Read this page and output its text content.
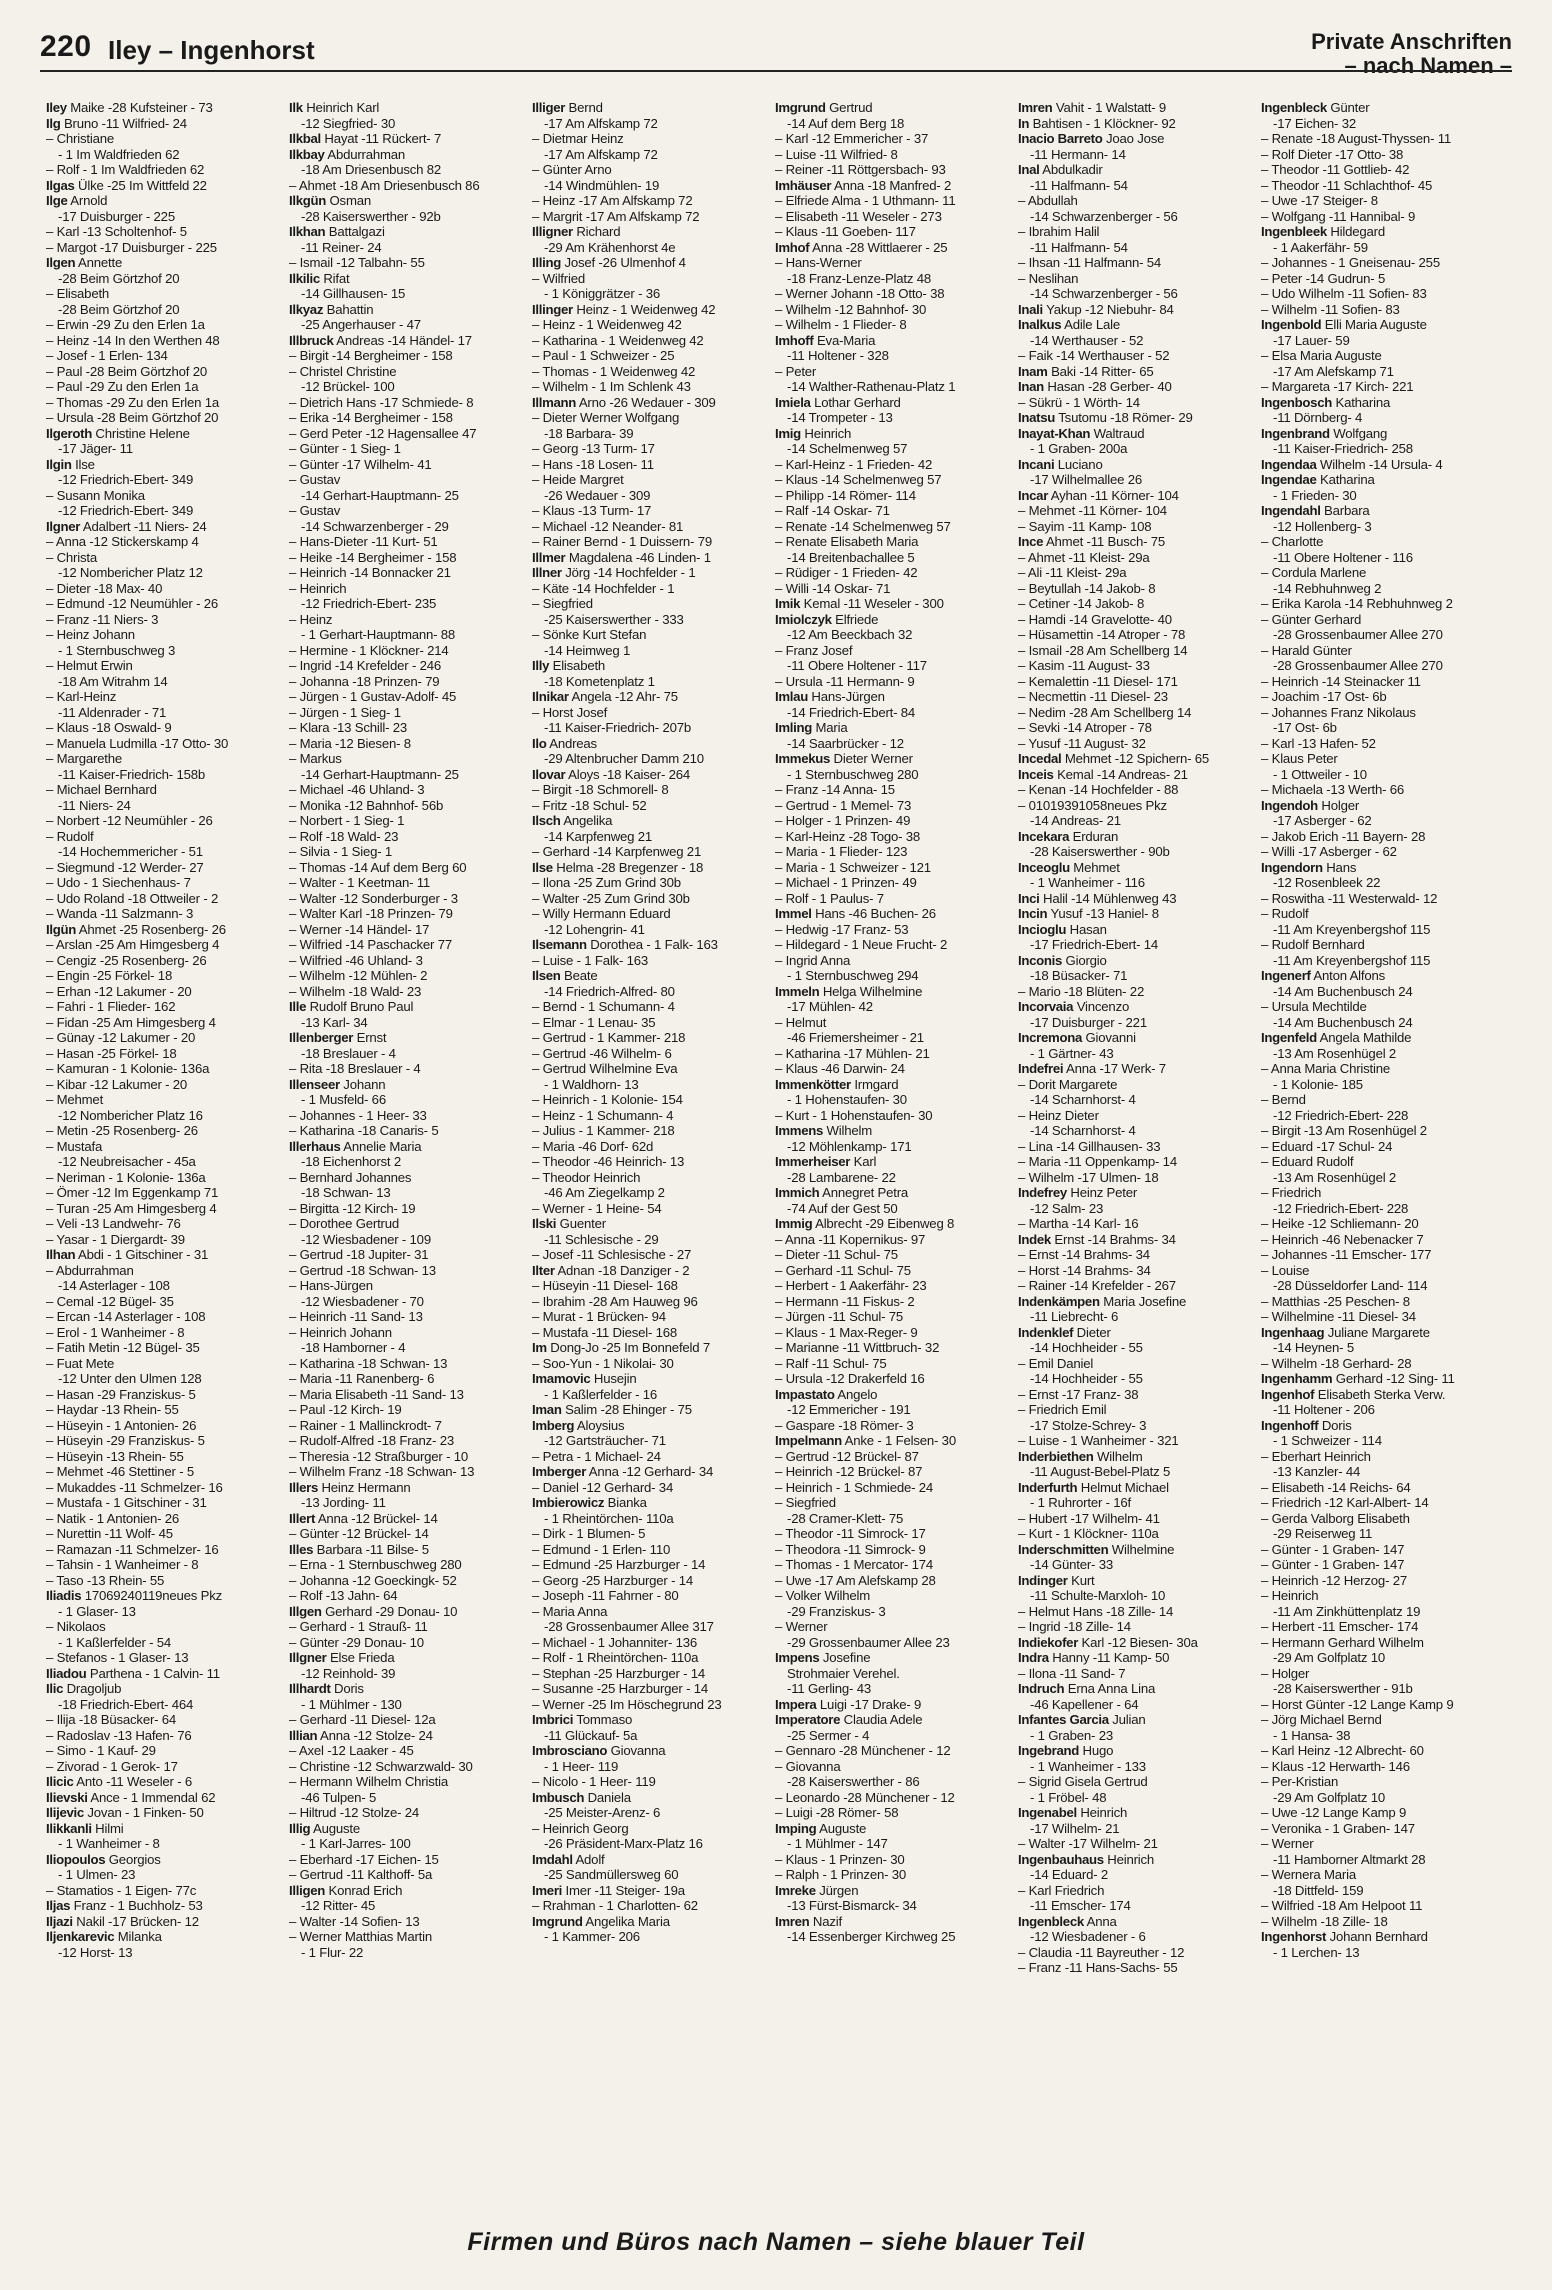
220 Iley – Ingenhorst	Private Anschriften
– nach Namen –
Iley Maike -28 Kufsteiner - 73
Ilg Bruno -11 Wilfried- 24
– Christiane
- 1 Im Waldfrieden 62
– Rolf - 1 Im Waldfrieden 62
Ilgas Ülke -25 Im Wittfeld 22
Ilge Arnold
-17 Duisburger - 225
– Karl -13 Scholtenhof- 5
– Margot -17 Duisburger - 225
Ilgen Annette
-28 Beim Görtzhof 20
– Elisabeth
-28 Beim Görtzhof 20
– Erwin -29 Zu den Erlen 1a
– Heinz -14 In den Werthen 48
– Josef - 1 Erlen- 134
– Paul -28 Beim Görtzhof 20
– Paul -29 Zu den Erlen 1a
– Thomas -29 Zu den Erlen 1a
– Ursula -28 Beim Görtzhof 20
Ilgeroth Christine Helene
-17 Jäger- 11
Ilgin Ilse
-12 Friedrich-Ebert- 349
– Susann Monika
-12 Friedrich-Ebert- 349
Ilgner Adalbert -11 Niers- 24
– Anna -12 Stickerskamp 4
– Christa
-12 Nombericher Platz 12
– Dieter -18 Max- 40
– Edmund -12 Neumühler - 26
– Franz -11 Niers- 3
– Heinz Johann
- 1 Sternbuschweg 3
– Helmut Erwin
-18 Am Witrahm 14
– Karl-Heinz
-11 Aldenrader - 71
– Klaus -18 Oswald- 9
– Manuela Ludmilla -17 Otto- 30
– Margarethe
-11 Kaiser-Friedrich- 158b
– Michael Bernhard
-11 Niers- 24
– Norbert -12 Neumühler - 26
– Rudolf
-14 Hochemmericher - 51
– Siegmund -12 Werder- 27
– Udo - 1 Siechenhaus- 7
– Udo Roland -18 Ottweiler - 2
– Wanda -11 Salzmann- 3
Ilgün Ahmet -25 Rosenberg- 26
– Arslan -25 Am Himgesberg 4
– Cengiz -25 Rosenberg- 26
– Engin -25 Förkel- 18
– Erhan -12 Lakumer - 20
– Fahri - 1 Flieder- 162
– Fidan -25 Am Himgesberg 4
– Günay -12 Lakumer - 20
– Hasan -25 Förkel- 18
– Kamuran - 1 Kolonie- 136a
– Kibar -12 Lakumer - 20
– Mehmet
-12 Nombericher Platz 16
– Metin -25 Rosenberg- 26
– Mustafa
-12 Neubreisacher - 45a
– Neriman - 1 Kolonie- 136a
– Ömer -12 Im Eggenkamp 71
– Turan -25 Am Himgesberg 4
– Veli -13 Landwehr- 76
– Yasar - 1 Diergardt- 39
Ilhan Abdi - 1 Gitschiner - 31
– Abdurrahman
-14 Asterlager - 108
– Cemal -12 Bügel- 35
– Ercan -14 Asterlager - 108
– Erol - 1 Wanheimer - 8
– Fatih Metin -12 Bügel- 35
– Fuat Mete
-12 Unter den Ulmen 128
– Hasan -29 Franziskus- 5
– Haydar -13 Rhein- 55
– Hüseyin - 1 Antonien- 26
– Hüseyin -29 Franziskus- 5
– Hüseyin -13 Rhein- 55
– Mehmet -46 Stettiner - 5
– Mukaddes -11 Schmelzer- 16
– Mustafa - 1 Gitschiner - 31
– Natik - 1 Antonien- 26
– Nurettin -11 Wolf- 45
– Ramazan -11 Schmelzer- 16
– Tahsin - 1 Wanheimer - 8
– Taso -13 Rhein- 55
Iliadis 17069240119neues Pkz
- 1 Glaser- 13
– Nikolaos
- 1 Kaßlerfelder - 54
– Stefanos - 1 Glaser- 13
Iliadou Parthena - 1 Calvin- 11
Ilic Dragoljub
-18 Friedrich-Ebert- 464
– Ilija -18 Büsacker- 64
– Radoslav -13 Hafen- 76
– Simo - 1 Kauf- 29
– Zivorad - 1 Gerok- 17
Ilicic Anto -11 Weseler - 6
Ilievski Ance - 1 Immendal 62
Ilijevic Jovan - 1 Finken- 50
Ilikkanli Hilmi
- 1 Wanheimer - 8
Iliopoulos Georgios
- 1 Ulmen- 23
– Stamatios - 1 Eigen- 77c
Iljas Franz - 1 Buchholz- 53
Iljazi Nakil -17 Brücken- 12
Iljenkarevic Milanka
-12 Horst- 13
Ilk Heinrich Karl
-12 Siegfried- 30
Ilkbal Hayat -11 Rückert- 7
Ilkbay Abdurrahman
-18 Am Driesenbusch 82
– Ahmet -18 Am Driesenbusch 86
Ilkgün Osman
-28 Kaiserswerther - 92b
Ilkhan Battalgazi
-11 Reiner- 24
– Ismail -12 Talbahn- 55
Ilkilic Rifat
-14 Gillhausen- 15
Ilkyaz Bahattin
-25 Angerhauser - 47
Illbruck Andreas -14 Händel- 17
– Birgit -14 Bergheimer - 158
– Christel Christine
-12 Brückel- 100
– Dietrich Hans -17 Schmiede- 8
– Erika -14 Bergheimer - 158
– Gerd Peter -12 Hagensallee 47
– Günter - 1 Sieg- 1
– Günter -17 Wilhelm- 41
– Gustav
-14 Gerhart-Hauptmann- 25
– Gustav
-14 Schwarzenberger - 29
– Hans-Dieter -11 Kurt- 51
– Heike -14 Bergheimer - 158
– Heinrich -14 Bonnacker 21
– Heinrich
-12 Friedrich-Ebert- 235
– Heinz
- 1 Gerhart-Hauptmann- 88
– Hermine - 1 Klöckner- 214
– Ingrid -14 Krefelder - 246
– Johanna -18 Prinzen- 79
– Jürgen - 1 Gustav-Adolf- 45
– Jürgen - 1 Sieg- 1
– Klara -13 Schill- 23
– Maria -12 Biesen- 8
– Markus
-14 Gerhart-Hauptmann- 25
– Michael -46 Uhland- 3
– Monika -12 Bahnhof- 56b
– Norbert - 1 Sieg- 1
– Rolf -18 Wald- 23
– Silvia - 1 Sieg- 1
– Thomas -14 Auf dem Berg 60
– Walter - 1 Keetman- 11
– Walter -12 Sonderburger - 3
– Walter Karl -18 Prinzen- 79
– Werner -14 Händel- 17
– Wilfried -14 Paschacker 77
– Wilfried -46 Uhland- 3
– Wilhelm -12 Mühlen- 2
– Wilhelm -18 Wald- 23
Ille Rudolf Bruno Paul
-13 Karl- 34
Illenberger Ernst
-18 Breslauer - 4
– Rita -18 Breslauer - 4
Illenseer Johann
- 1 Musfeld- 66
– Johannes - 1 Heer- 33
– Katharina -18 Canaris- 5
Illerhaus Annelie Maria
-18 Eichenhorst 2
– Bernhard Johannes
-18 Schwan- 13
– Birgitta -12 Kirch- 19
– Dorothee Gertrud
-12 Wiesbadener - 109
– Gertrud -18 Jupiter- 31
– Gertrud -18 Schwan- 13
– Hans-Jürgen
-12 Wiesbadener - 70
– Heinrich -11 Sand- 13
– Heinrich Johann
-18 Hamborner - 4
– Katharina -18 Schwan- 13
– Maria -11 Ranenberg- 6
– Maria Elisabeth -11 Sand- 13
– Paul -12 Kirch- 19
– Rainer - 1 Mallinckrodt- 7
– Rudolf-Alfred -18 Franz- 23
– Theresia -12 Straßburger - 10
– Wilhelm Franz -18 Schwan- 13
Illers Heinz Hermann
-13 Jording- 11
Illert Anna -12 Brückel- 14
– Günter -12 Brückel- 14
Illes Barbara -11 Bilse- 5
– Erna - 1 Sternbuschweg 280
– Johanna -12 Goeckingk- 52
– Rolf -13 Jahn- 64
Illgen Gerhard -29 Donau- 10
– Gerhard - 1 Strauß- 11
– Günter -29 Donau- 10
Illgner Else Frieda
-12 Reinhold- 39
Illhardt Doris
- 1 Mühlmer - 130
– Gerhard -11 Diesel- 12a
Illian Anna -12 Stolze- 24
– Axel -12 Laaker - 45
– Christine -12 Schwarzwald- 30
– Hermann Wilhelm Christia
-46 Tulpen- 5
– Hiltrud -12 Stolze- 24
Illig Auguste
- 1 Karl-Jarres- 100
– Eberhard -17 Eichen- 15
– Gertrud -11 Kalthoff- 5a
Illigen Konrad Erich
-12 Ritter- 45
– Walter -14 Sofien- 13
– Werner Matthias Martin
- 1 Flur- 22
Illiger Bernd
-17 Am Alfskamp 72
– Dietmar Heinz
-17 Am Alfskamp 72
– Günter Arno
-14 Windmühlen- 19
– Heinz -17 Am Alfskamp 72
– Margrit -17 Am Alfskamp 72
Illigner Richard
-29 Am Krähenhorst 4e
Illing Josef -26 Ulmenhof 4
– Wilfried
- 1 Königgrätzer - 36
Illinger Heinz - 1 Weidenweg 42
– Heinz - 1 Weidenweg 42
– Katharina - 1 Weidenweg 42
– Paul - 1 Schweizer - 25
– Thomas - 1 Weidenweg 42
– Wilhelm - 1 Im Schlenk 43
Illmann Arno -26 Wedauer - 309
– Dieter Werner Wolfgang
-18 Barbara- 39
– Georg -13 Turm- 17
– Hans -18 Losen- 11
– Heide Margret
-26 Wedauer - 309
– Klaus -13 Turm- 17
– Michael -12 Neander- 81
– Rainer Bernd - 1 Duissern- 79
Illmer Magdalena -46 Linden- 1
Illner Jörg -14 Hochfelder - 1
– Käte -14 Hochfelder - 1
– Siegfried
-25 Kaiserswerther - 333
– Sönke Kurt Stefan
-14 Heimweg 1
Illy Elisabeth
-18 Kometenplatz 1
Ilnikar Angela -12 Ahr- 75
– Horst Josef
-11 Kaiser-Friedrich- 207b
Ilo Andreas
-29 Altenbrucher Damm 210
Ilovar Aloys -18 Kaiser- 264
– Birgit -18 Schmorell- 8
– Fritz -18 Schul- 52
Ilsch Angelika
-14 Karpfenweg 21
– Gerhard -14 Karpfenweg 21
Ilse Helma -28 Bregenzer - 18
– Ilona -25 Zum Grind 30b
– Walter -25 Zum Grind 30b
– Willy Hermann Eduard
-12 Lohengrin- 41
Ilsemann Dorothea - 1 Falk- 163
– Luise - 1 Falk- 163
Ilsen Beate
-14 Friedrich-Alfred- 80
– Bernd - 1 Schumann- 4
– Elmar - 1 Lenau- 35
– Gertrud - 1 Kammer- 218
– Gertrud -46 Wilhelm- 6
– Gertrud Wilhelmine Eva
- 1 Waldhorn- 13
– Heinrich - 1 Kolonie- 154
– Heinz - 1 Schumann- 4
– Julius - 1 Kammer- 218
– Maria -46 Dorf- 62d
– Theodor -46 Heinrich- 13
– Theodor Heinrich
-46 Am Ziegelkamp 2
– Werner - 1 Heine- 54
Ilski Guenter
-11 Schlesische - 29
– Josef -11 Schlesische - 27
Ilter Adnan -18 Danziger - 2
– Hüseyin -11 Diesel- 168
– Ibrahim -28 Am Hauweg 96
– Murat - 1 Brücken- 94
– Mustafa -11 Diesel- 168
Im Dong-Jo -25 Im Bonnefeld 7
– Soo-Yun - 1 Nikolai- 30
Imamovic Husejin
- 1 Kaßlerfelder - 16
Iman Salim -28 Ehinger - 75
Imberg Aloysius
-12 Gartsträucher- 71
– Petra - 1 Michael- 24
Imberger Anna -12 Gerhard- 34
– Daniel -12 Gerhard- 34
Imbierowicz Bianka
- 1 Rheintörchen- 110a
– Dirk - 1 Blumen- 5
– Edmund - 1 Erlen- 110
– Edmund -25 Harzburger - 14
– Georg -25 Harzburger - 14
– Joseph -11 Fahrner - 80
– Maria Anna
-28 Grossenbaumer Allee 317
– Michael - 1 Johanniter- 136
– Rolf - 1 Rheintörchen- 110a
– Stephan -25 Harzburger - 14
– Susanne -25 Harzburger - 14
– Werner -25 Im Höschegrund 23
Imbrici Tommaso
-11 Glückauf- 5a
Imbrosciano Giovanna
- 1 Heer- 119
– Nicolo - 1 Heer- 119
Imbusch Daniela
-25 Meister-Arenz- 6
– Heinrich Georg
-26 Präsident-Marx-Platz 16
Imdahl Adolf
-25 Sandmüllersweg 60
Imeri Imer -11 Steiger- 19a
– Rrahman - 1 Charlotten- 62
Imgrund Angelika Maria
- 1 Kammer- 206
Imgrund Gertrud
-14 Auf dem Berg 18
– Karl -12 Emmericher - 37
– Luise -11 Wilfried- 8
– Reiner -11 Röttgersbach- 93
Imhäuser Anna -18 Manfred- 2
– Elfriede Alma - 1 Uthmann- 11
– Elisabeth -11 Weseler - 273
– Klaus -11 Goeben- 117
Imhof Anna -28 Wittlaerer - 25
– Hans-Werner
-18 Franz-Lenze-Platz 48
– Werner Johann -18 Otto- 38
– Wilhelm -12 Bahnhof- 30
– Wilhelm - 1 Flieder- 8
Imhoff Eva-Maria
-11 Holtener - 328
– Peter
-14 Walther-Rathenau-Platz 1
Imiela Lothar Gerhard
-14 Trompeter - 13
Imig Heinrich
-14 Schelmenweg 57
– Karl-Heinz - 1 Frieden- 42
– Klaus -14 Schelmenweg 57
– Philipp -14 Römer- 114
– Ralf -14 Oskar- 71
– Renate -14 Schelmenweg 57
– Renate Elisabeth Maria
-14 Breitenbachallee 5
– Rüdiger - 1 Frieden- 42
– Willi -14 Oskar- 71
Imik Kemal -11 Weseler - 300
Imiolczyk Elfriede
-12 Am Beeckbach 32
– Franz Josef
-11 Obere Holtener - 117
– Ursula -11 Hermann- 9
Imlau Hans-Jürgen
-14 Friedrich-Ebert- 84
Imling Maria
-14 Saarbrücker - 12
Immekus Dieter Werner
- 1 Sternbuschweg 280
– Franz -14 Anna- 15
– Gertrud - 1 Memel- 73
– Holger - 1 Prinzen- 49
– Karl-Heinz -28 Togo- 38
– Maria - 1 Flieder- 123
– Maria - 1 Schweizer - 121
– Michael - 1 Prinzen- 49
– Rolf - 1 Paulus- 7
Immel Hans -46 Buchen- 26
– Hedwig -17 Franz- 53
– Hildegard - 1 Neue Frucht- 2
– Ingrid Anna
- 1 Sternbuschweg 294
Immeln Helga Wilhelmine
-17 Mühlen- 42
– Helmut
-46 Friemersheimer - 21
– Katharina -17 Mühlen- 21
– Klaus -46 Darwin- 24
Immenkötter Irmgard
- 1 Hohenstaufen- 30
– Kurt - 1 Hohenstaufen- 30
Immens Wilhelm
-12 Möhlenkamp- 171
Immerheiser Karl
-28 Lambarene- 22
Immich Annegret Petra
-74 Auf der Gest 50
Immig Albrecht -29 Eibenweg 8
– Anna -11 Kopernikus- 97
– Dieter -11 Schul- 75
– Gerhard -11 Schul- 75
– Herbert - 1 Aakerfähr- 23
– Hermann -11 Fiskus- 2
– Jürgen -11 Schul- 75
– Klaus - 1 Max-Reger- 9
– Marianne -11 Wittbruch- 32
– Ralf -11 Schul- 75
– Ursula -12 Drakerfeld 16
Impastato Angelo
-12 Emmericher - 191
– Gaspare -18 Römer- 3
Impelmann Anke - 1 Felsen- 30
– Gertrud -12 Brückel- 87
– Heinrich -12 Brückel- 87
– Heinrich - 1 Schmiede- 24
– Siegfried
-28 Cramer-Klett- 75
– Theodor -11 Simrock- 17
– Theodora -11 Simrock- 9
– Thomas - 1 Mercator- 174
– Uwe -17 Am Alefskamp 28
– Volker Wilhelm
-29 Franziskus- 3
– Werner
-29 Grossenbaumer Allee 23
Impens Josefine
Strohmaier Verehel.
-11 Gerling- 43
Impera Luigi -17 Drake- 9
Imperatore Claudia Adele
-25 Sermer - 4
– Gennaro -28 Münchener - 12
– Giovanna
-28 Kaiserswerther - 86
– Leonardo -28 Münchener - 12
– Luigi -28 Römer- 58
Imping Auguste
- 1 Mühlmer - 147
– Klaus - 1 Prinzen- 30
– Ralph - 1 Prinzen- 30
Imreke Jürgen
-13 Fürst-Bismarck- 34
Imren Nazif
-14 Essenberger Kirchweg 25
Imren Vahit - 1 Walstatt- 9
In Bahtisen - 1 Klöckner- 92
Inacio Barreto Joao Jose
-11 Hermann- 14
Inal Abdulkadir
-11 Halfmann- 54
– Abdullah
-14 Schwarzenberger - 56
– Ibrahim Halil
-11 Halfmann- 54
– Ihsan -11 Halfmann- 54
– Neslihan
-14 Schwarzenberger - 56
Inali Yakup -12 Niebuhr- 84
Inalkus Adile Lale
-14 Werthauser - 52
– Faik -14 Werthauser - 52
Inam Baki -14 Ritter- 65
Inan Hasan -28 Gerber- 40
– Sükrü - 1 Wörth- 14
Inatsu Tsutomu -18 Römer- 29
Inayat-Khan Waltraud
- 1 Graben- 200a
Incani Luciano
-17 Wilhelmallee 26
Incar Ayhan -11 Körner- 104
– Mehmet -11 Körner- 104
– Sayim -11 Kamp- 108
Ince Ahmet -11 Busch- 75
– Ahmet -11 Kleist- 29a
– Ali -11 Kleist- 29a
– Beytullah -14 Jakob- 8
– Cetiner -14 Jakob- 8
– Hamdi -14 Gravelotte- 40
– Hüsamettin -14 Atroper - 78
– Ismail -28 Am Schellberg 14
– Kasim -11 August- 33
– Kemalettin -11 Diesel- 171
– Necmettin -11 Diesel- 23
– Nedim -28 Am Schellberg 14
– Sevki -14 Atroper - 78
– Yusuf -11 August- 32
Incedal Mehmet -12 Spichern- 65
Inceis Kemal -14 Andreas- 21
– Kenan -14 Hochfelder - 88
– 01019391058neues Pkz
-14 Andreas- 21
Incekara Erduran
-28 Kaiserswerther - 90b
Inceoglu Mehmet
- 1 Wanheimer - 116
Inci Halil -14 Mühlenweg 43
Incin Yusuf -13 Haniel- 8
Incioglu Hasan
-17 Friedrich-Ebert- 14
Inconis Giorgio
-18 Büsacker- 71
– Mario -18 Blüten- 22
Incorvaia Vincenzo
-17 Duisburger - 221
Incremona Giovanni
- 1 Gärtner- 43
Indefrei Anna -17 Werk- 7
– Dorit Margarete
-14 Scharnhorst- 4
– Heinz Dieter
-14 Scharnhorst- 4
– Lina -14 Gillhausen- 33
– Maria -11 Oppenkamp- 14
– Wilhelm -17 Ulmen- 18
Indefrey Heinz Peter
-12 Salm- 23
– Martha -14 Karl- 16
Indek Ernst -14 Brahms- 34
– Ernst -14 Brahms- 34
– Horst -14 Brahms- 34
– Rainer -14 Krefelder - 267
Indenkämpen Maria Josefine
-11 Liebrecht- 6
Indenklef Dieter
-14 Hochheider - 55
– Emil Daniel
-14 Hochheider - 55
– Ernst -17 Franz- 38
– Friedrich Emil
-17 Stolze-Schrey- 3
– Luise - 1 Wanheimer - 321
Inderbiethen Wilhelm
-11 August-Bebel-Platz 5
Inderfurth Helmut Michael
- 1 Ruhrorter - 16f
– Hubert -17 Wilhelm- 41
– Kurt - 1 Klöckner- 110a
Inderschmitten Wilhelmine
-14 Günter- 33
Indinger Kurt
-11 Schulte-Marxloh- 10
– Helmut Hans -18 Zille- 14
– Ingrid -18 Zille- 14
Indiekofer Karl -12 Biesen- 30a
Indra Hanny -11 Kamp- 50
– Ilona -11 Sand- 7
Indruch Erna Anna Lina
-46 Kapellener - 64
Infantes Garcia Julian
- 1 Graben- 23
Ingebrand Hugo
- 1 Wanheimer - 133
– Sigrid Gisela Gertrud
- 1 Fröbel- 48
Ingenabel Heinrich
-17 Wilhelm- 21
– Walter -17 Wilhelm- 21
Ingenbauhaus Heinrich
-14 Eduard- 2
– Karl Friedrich
-11 Emscher- 174
Ingenbleck Anna
-12 Wiesbadener - 6
– Claudia -11 Bayreuther - 12
– Franz -11 Hans-Sachs- 55
Ingenbleck Günter
-17 Eichen- 32
– Renate -18 August-Thyssen- 11
– Rolf Dieter -17 Otto- 38
– Theodor -11 Gottlieb- 42
– Theodor -11 Schlachthof- 45
– Uwe -17 Steiger- 8
– Wolfgang -11 Hannibal- 9
Ingenbleek Hildegard
- 1 Aakerfähr- 59
– Johannes - 1 Gneisenau- 255
– Peter -14 Gudrun- 5
– Udo Wilhelm -11 Sofien- 83
– Wilhelm -11 Sofien- 83
Ingenbold Elli Maria Auguste
-17 Lauer- 59
– Elsa Maria Auguste
-17 Am Alefskamp 71
– Margareta -17 Kirch- 221
Ingenbosch Katharina
-11 Dörnberg- 4
Ingenbrand Wolfgang
-11 Kaiser-Friedrich- 258
Ingendaa Wilhelm -14 Ursula- 4
Ingendae Katharina
- 1 Frieden- 30
Ingendahl Barbara
-12 Hollenberg- 3
– Charlotte
-11 Obere Holtener - 116
– Cordula Marlene
-14 Rebhuhnweg 2
– Erika Karola -14 Rebhuhnweg 2
– Günter Gerhard
-28 Grossenbaumer Allee 270
– Harald Günter
-28 Grossenbaumer Allee 270
– Heinrich -14 Steinacker 11
– Joachim -17 Ost- 6b
– Johannes Franz Nikolaus
-17 Ost- 6b
– Karl -13 Hafen- 52
– Klaus Peter
- 1 Ottweiler - 10
– Michaela -13 Werth- 66
Ingendoh Holger
-17 Asberger - 62
– Jakob Erich -11 Bayern- 28
– Willi -17 Asberger - 62
Ingendorn Hans
-12 Rosenbleek 22
– Roswitha -11 Westerwald- 12
– Rudolf
-11 Am Kreyenbergshof 115
– Rudolf Bernhard
-11 Am Kreyenbergshof 115
Ingenerf Anton Alfons
-14 Am Buchenbusch 24
– Ursula Mechtilde
-14 Am Buchenbusch 24
Ingenfeld Angela Mathilde
-13 Am Rosenhügel 2
– Anna Maria Christine
- 1 Kolonie- 185
– Bernd
-12 Friedrich-Ebert- 228
– Birgit -13 Am Rosenhügel 2
– Eduard -17 Schul- 24
– Eduard Rudolf
-13 Am Rosenhügel 2
– Friedrich
-12 Friedrich-Ebert- 228
– Heike -12 Schliemann- 20
– Heinrich -46 Nebenacker 7
– Johannes -11 Emscher- 177
– Louise
-28 Düsseldorfer Land- 114
– Matthias -25 Peschen- 8
– Wilhelmine -11 Diesel- 34
Ingenhaag Juliane Margarete
-14 Heynen- 5
– Wilhelm -18 Gerhard- 28
Ingenhamm Gerhard -12 Sing- 11
Ingenhof Elisabeth Sterka Verw.
-11 Holtener - 206
Ingenhoff Doris
- 1 Schweizer - 114
– Eberhart Heinrich
-13 Kanzler- 44
– Elisabeth -14 Reichs- 64
– Friedrich -12 Karl-Albert- 14
– Gerda Valborg Elisabeth
-29 Reiserweg 11
– Günter - 1 Graben- 147
– Günter - 1 Graben- 147
– Heinrich -12 Herzog- 27
– Heinrich
-11 Am Zinkhüttenplatz 19
– Herbert -11 Emscher- 174
– Hermann Gerhard Wilhelm
-29 Am Golfplatz 10
– Holger
-28 Kaiserswerther - 91b
– Horst Günter -12 Lange Kamp 9
– Jörg Michael Bernd
- 1 Hansa- 38
– Karl Heinz -12 Albrecht- 60
– Klaus -12 Herwarth- 146
– Per-Kristian
-29 Am Golfplatz 10
– Uwe -12 Lange Kamp 9
– Veronika - 1 Graben- 147
– Werner
-11 Hamborner Altmarkt 28
– Wernera Maria
-18 Dittfeld- 159
– Wilfried -18 Am Helpoot 11
– Wilhelm -18 Zille- 18
Ingenhorst Johann Bernhard
- 1 Lerchen- 13
Firmen und Büros nach Namen – siehe blauer Teil
